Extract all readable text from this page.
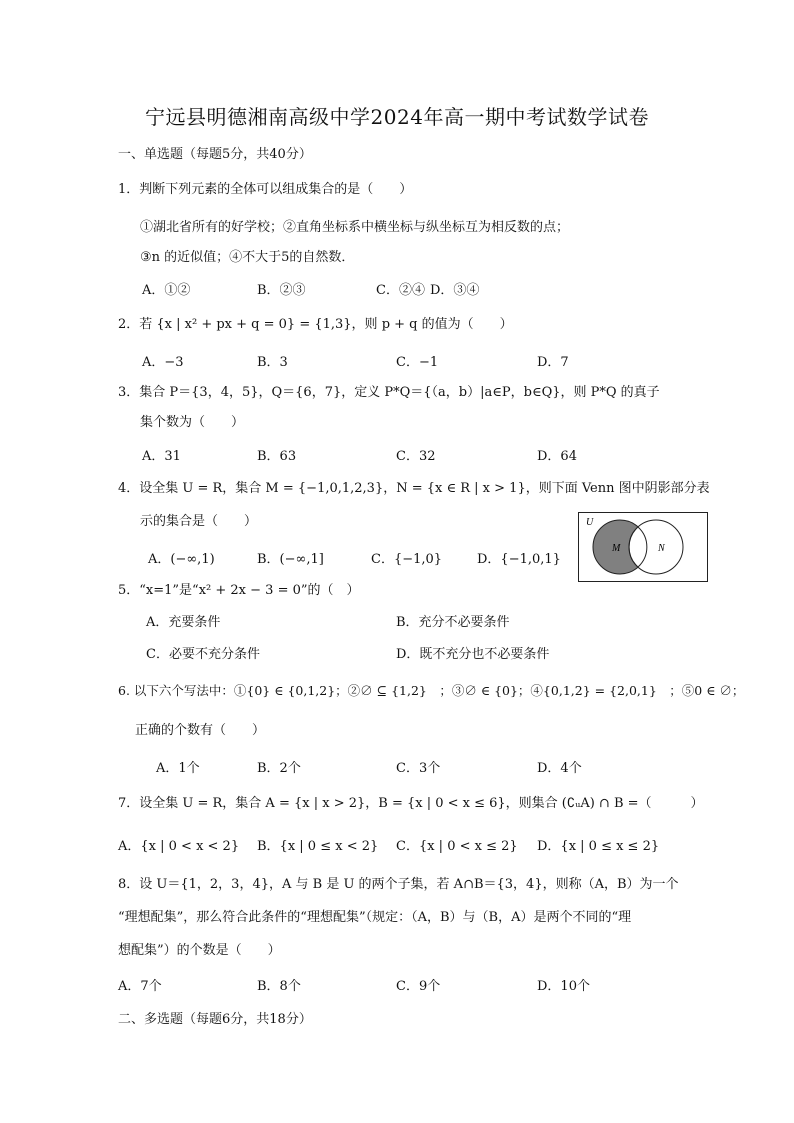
宁远县明德湘南高级中学2024年高一期中考试数学试卷
一、单选题（每题5分，共40分）
1．判断下列元素的全体可以组成集合的是（　　）
①湖北省所有的好学校；②直角坐标系中横坐标与纵坐标互为相反数的点；
③n 的近似值；④不大于5的自然数．
A．①②	B．②③	C．②④ D．③④
2．若 {x | x² + px + q = 0} = {1,3}，则 p + q 的值为（　　）
A．−3	B．3	C．−1	D．7
3．集合 P＝{3，4，5}，Q＝{6，7}，定义 P*Q＝{（a，b）|a∈P，b∈Q}，则 P*Q 的真子
集个数为（　　）
A．31	B．63	C．32	D．64
4．设全集 U = R，集合 M = {−1,0,1,2,3}，N = {x ∈ R | x > 1}，则下面 Venn 图中阴影部分表
示的集合是（　　）
A．(−∞,1)	B．(−∞,1]	C．{−1,0}	D．{−1,0,1}
U
M	N
5．“x=1”是“x² + 2x − 3 = 0”的（　）
A．充要条件	B．充分不必要条件
C．必要不充分条件	D．既不充分也不必要条件
6. 以下六个写法中：①{0} ∈ {0,1,2}；②∅ ⊆ {1,2}　；③∅ ∈ {0}；④{0,1,2} = {2,0,1}　；⑤0 ∈ ∅；
正确的个数有（　　）
A．1个	B．2个	C．3个	D．4个
7．设全集 U = R，集合 A = {x | x > 2}，B = {x | 0 < x ≤ 6}，则集合 (∁ᵤA) ∩ B =（　　　）
A．{x | 0 < x < 2} B．{x | 0 ≤ x < 2} C．{x | 0 < x ≤ 2} D．{x | 0 ≤ x ≤ 2}
8．设 U＝{1，2，3，4}，A 与 B 是 U 的两个子集，若 A∩B＝{3，4}，则称（A，B）为一个
“理想配集”，那么符合此条件的“理想配集”（规定：（A，B）与（B，A）是两个不同的“理
想配集”）的个数是（　　）
A．7个	B．8个	C．9个	D．10个
二、多选题（每题6分，共18分）
